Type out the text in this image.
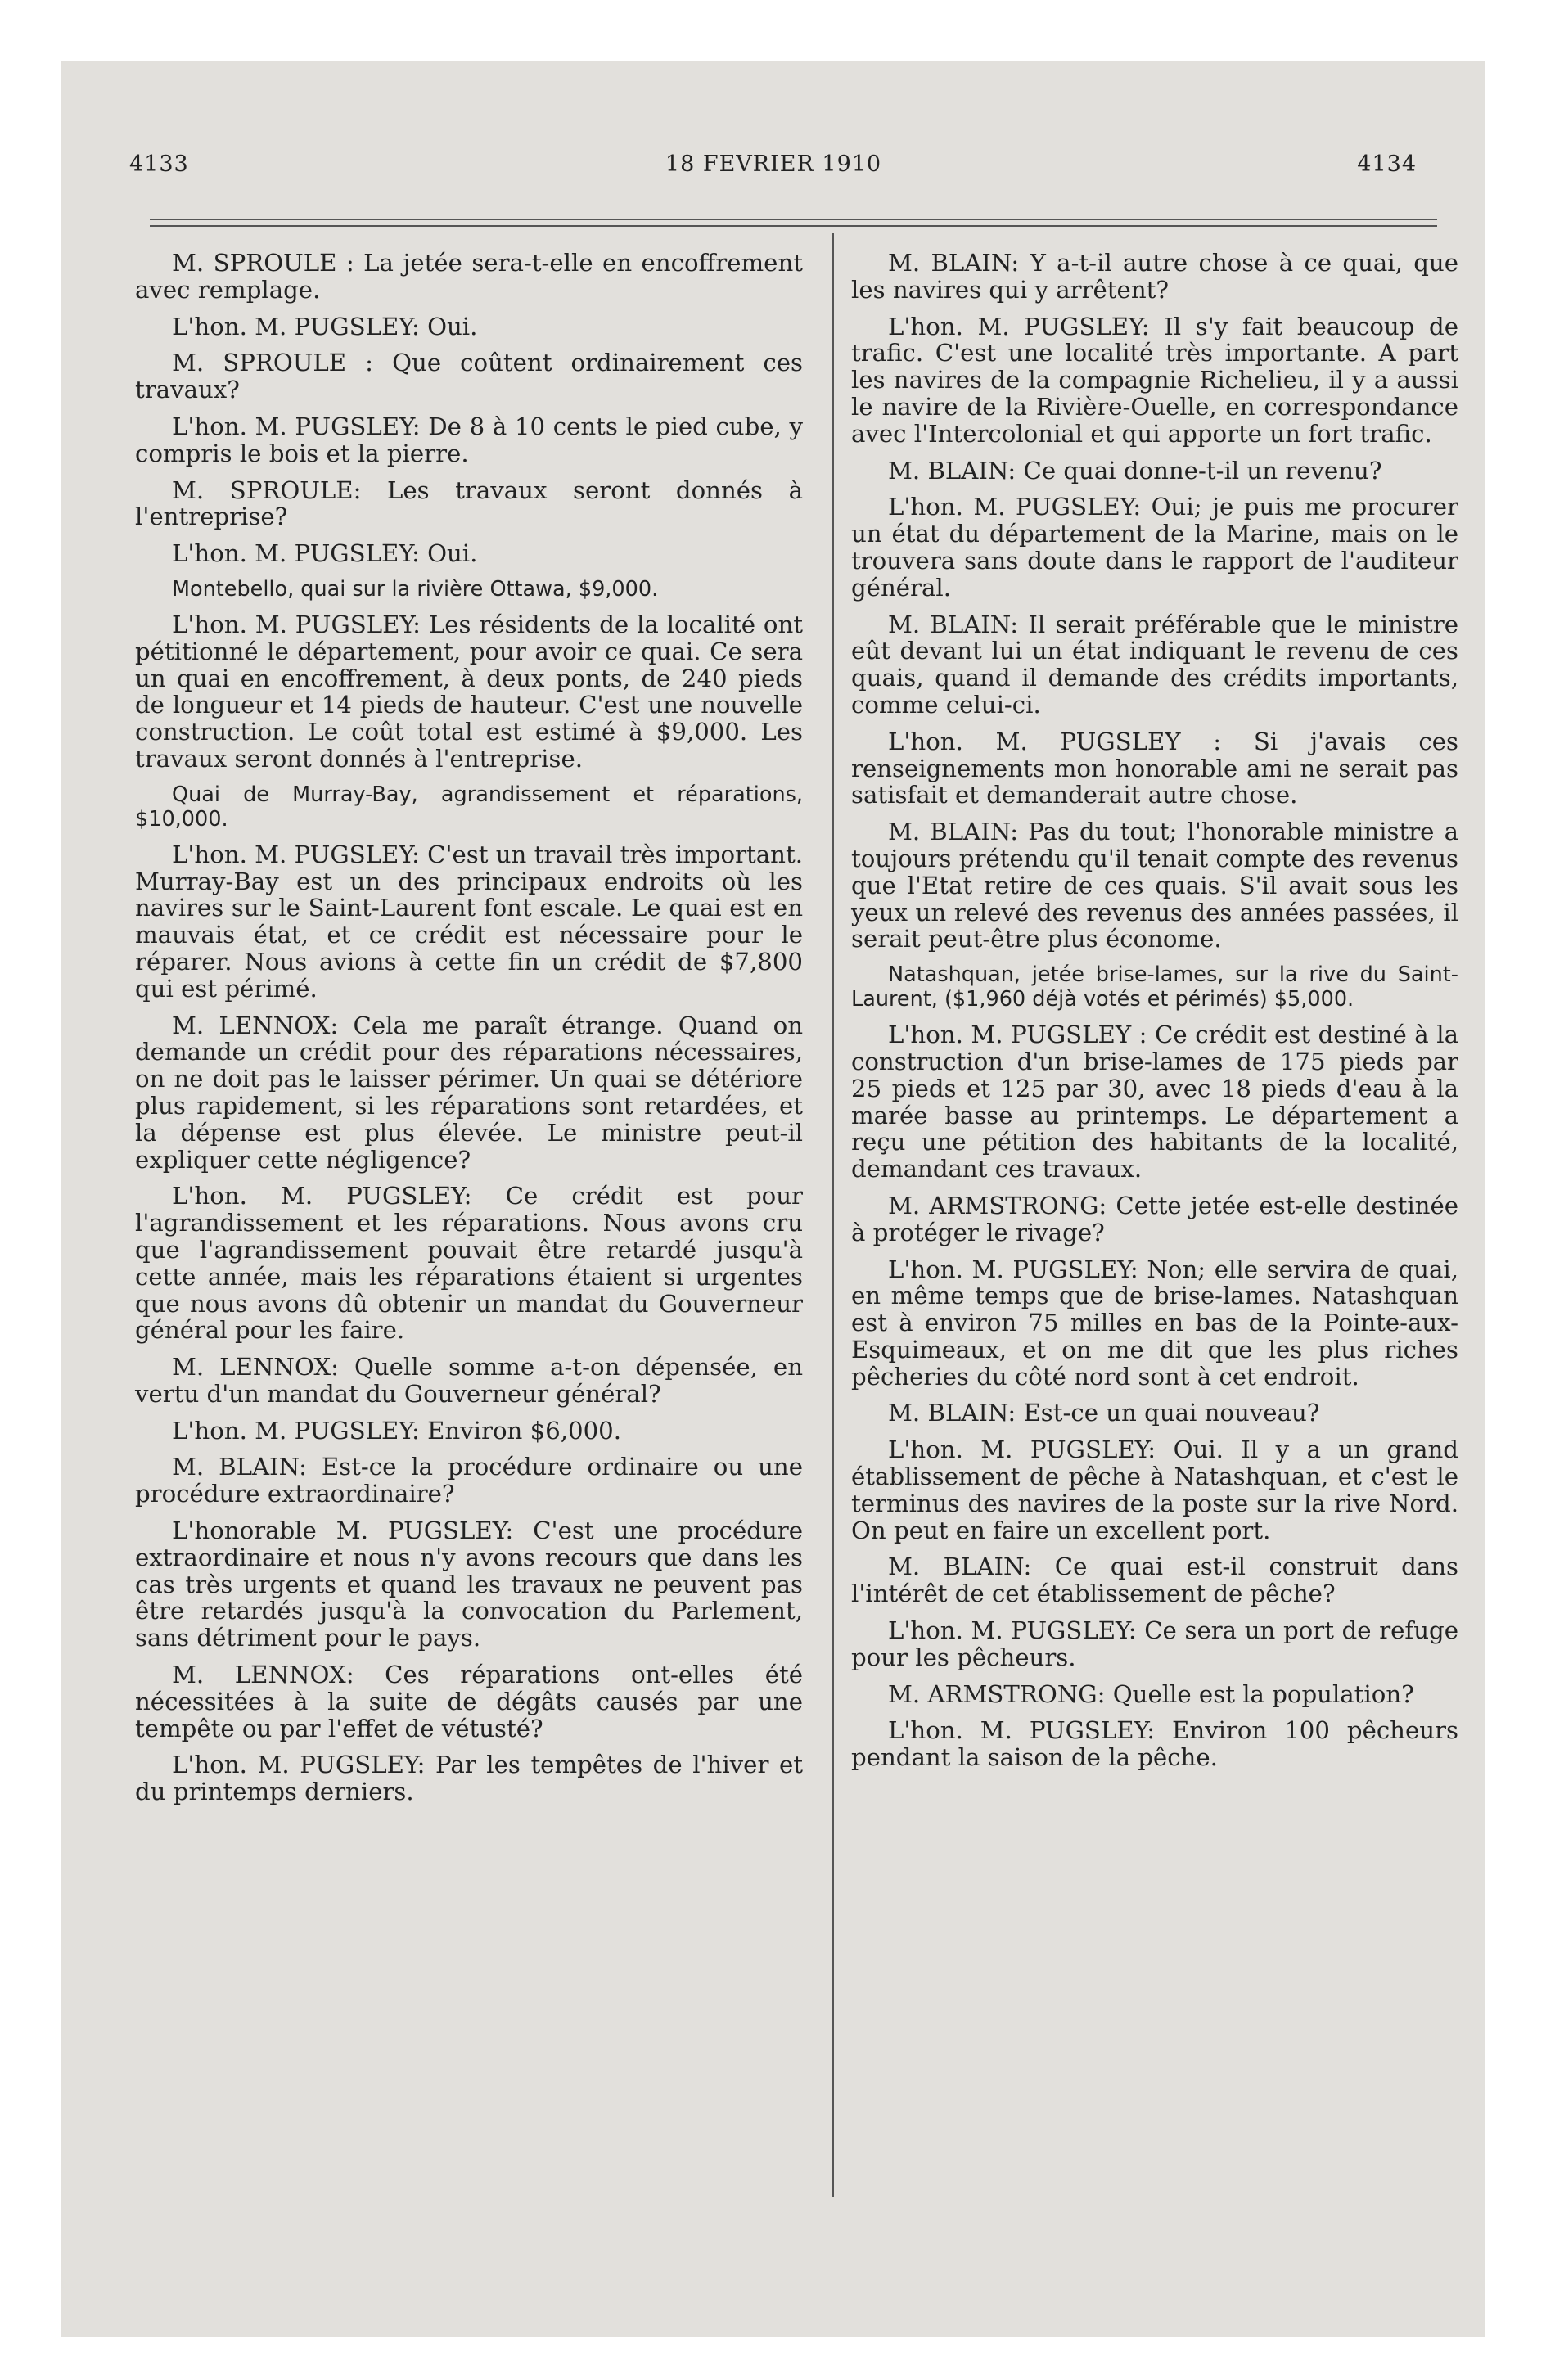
4133	18 FEVRIER 1910	4134

M. SPROULE : La jetée sera-t-elle en encoffrement avec remplage.

L'hon. M. PUGSLEY: Oui.

M. SPROULE : Que coûtent ordinairement ces travaux?

L'hon. M. PUGSLEY: De 8 à 10 cents le pied cube, y compris le bois et la pierre.

M. SPROULE: Les travaux seront donnés à l'entreprise?

L'hon. M. PUGSLEY: Oui.

Montebello, quai sur la rivière Ottawa, $9,000.

L'hon. M. PUGSLEY: Les résidents de la localité ont pétitionné le département, pour avoir ce quai. Ce sera un quai en encoffrement, à deux ponts, de 240 pieds de longueur et 14 pieds de hauteur. C'est une nouvelle construction. Le coût total est estimé à $9,000. Les travaux seront donnés à l'entreprise.

Quai de Murray-Bay, agrandissement et réparations, $10,000.

L'hon. M. PUGSLEY: C'est un travail très important. Murray-Bay est un des principaux endroits où les navires sur le Saint-Laurent font escale. Le quai est en mauvais état, et ce crédit est nécessaire pour le réparer. Nous avions à cette fin un crédit de $7,800 qui est périmé.

M. LENNOX: Cela me paraît étrange. Quand on demande un crédit pour des réparations nécessaires, on ne doit pas le laisser périmer. Un quai se détériore plus rapidement, si les réparations sont retardées, et la dépense est plus élevée. Le ministre peut-il expliquer cette négligence?

L'hon. M. PUGSLEY: Ce crédit est pour l'agrandissement et les réparations. Nous avons cru que l'agrandissement pouvait être retardé jusqu'à cette année, mais les réparations étaient si urgentes que nous avons dû obtenir un mandat du Gouverneur général pour les faire.

M. LENNOX: Quelle somme a-t-on dépensée, en vertu d'un mandat du Gouverneur général?

L'hon. M. PUGSLEY: Environ $6,000.

M. BLAIN: Est-ce la procédure ordinaire ou une procédure extraordinaire?

L'honorable M. PUGSLEY: C'est une procédure extraordinaire et nous n'y avons recours que dans les cas très urgents et quand les travaux ne peuvent pas être retardés jusqu'à la convocation du Parlement, sans détriment pour le pays.

M. LENNOX: Ces réparations ont-elles été nécessitées à la suite de dégâts causés par une tempête ou par l'effet de vétusté?

L'hon. M. PUGSLEY: Par les tempêtes de l'hiver et du printemps derniers.

M. BLAIN: Y a-t-il autre chose à ce quai, que les navires qui y arrêtent?

L'hon. M. PUGSLEY: Il s'y fait beaucoup de trafic. C'est une localité très importante. A part les navires de la compagnie Richelieu, il y a aussi le navire de la Rivière-Ouelle, en correspondance avec l'Intercolonial et qui apporte un fort trafic.

M. BLAIN: Ce quai donne-t-il un revenu?

L'hon. M. PUGSLEY: Oui; je puis me procurer un état du département de la Marine, mais on le trouvera sans doute dans le rapport de l'auditeur général.

M. BLAIN: Il serait préférable que le ministre eût devant lui un état indiquant le revenu de ces quais, quand il demande des crédits importants, comme celui-ci.

L'hon. M. PUGSLEY : Si j'avais ces renseignements mon honorable ami ne serait pas satisfait et demanderait autre chose.

M. BLAIN: Pas du tout; l'honorable ministre a toujours prétendu qu'il tenait compte des revenus que l'Etat retire de ces quais. S'il avait sous les yeux un relevé des revenus des années passées, il serait peut-être plus économe.

Natashquan, jetée brise-lames, sur la rive du Saint-Laurent, ($1,960 déjà votés et périmés) $5,000.

L'hon. M. PUGSLEY : Ce crédit est destiné à la construction d'un brise-lames de 175 pieds par 25 pieds et 125 par 30, avec 18 pieds d'eau à la marée basse au printemps. Le département a reçu une pétition des habitants de la localité, demandant ces travaux.

M. ARMSTRONG: Cette jetée est-elle destinée à protéger le rivage?

L'hon. M. PUGSLEY: Non; elle servira de quai, en même temps que de brise-lames. Natashquan est à environ 75 milles en bas de la Pointe-aux-Esquimeaux, et on me dit que les plus riches pêcheries du côté nord sont à cet endroit.

M. BLAIN: Est-ce un quai nouveau?

L'hon. M. PUGSLEY: Oui. Il y a un grand établissement de pêche à Natashquan, et c'est le terminus des navires de la poste sur la rive Nord. On peut en faire un excellent port.

M. BLAIN: Ce quai est-il construit dans l'intérêt de cet établissement de pêche?

L'hon. M. PUGSLEY: Ce sera un port de refuge pour les pêcheurs.

M. ARMSTRONG: Quelle est la population?

L'hon. M. PUGSLEY: Environ 100 pêcheurs pendant la saison de la pêche.
